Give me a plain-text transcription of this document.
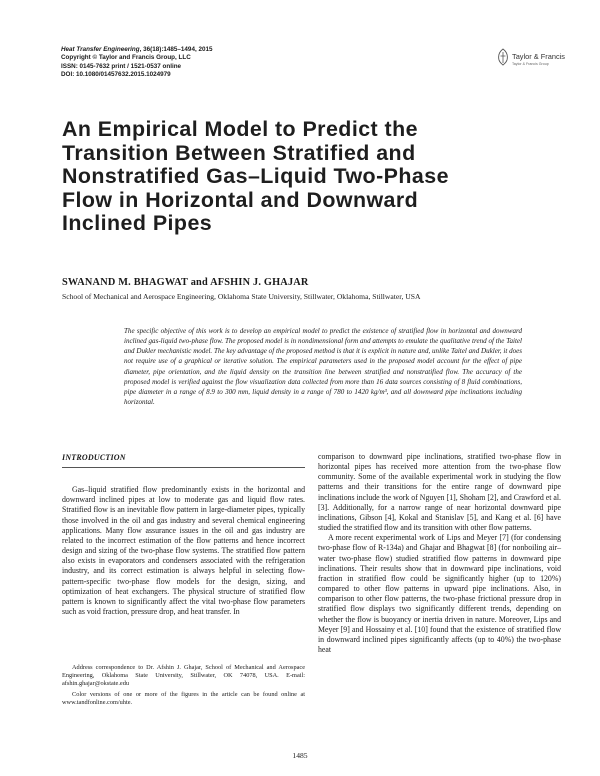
Heat Transfer Engineering, 36(18):1485–1494, 2015
Copyright © Taylor and Francis Group, LLC
ISSN: 0145-7632 print / 1521-0537 online
DOI: 10.1080/01457632.2015.1024979
Taylor & Francis
Taylor & Francis Group
An Empirical Model to Predict the
Transition Between Stratified and
Nonstratified Gas–Liquid Two-Phase
Flow in Horizontal and Downward
Inclined Pipes
SWANAND M. BHAGWAT and AFSHIN J. GHAJAR
School of Mechanical and Aerospace Engineering, Oklahoma State University, Stillwater, Oklahoma, Stillwater, USA
The specific objective of this work is to develop an empirical model to predict the existence of stratified flow in horizontal and downward inclined gas-liquid two-phase flow. The proposed model is in nondimensional form and attempts to emulate the qualitative trend of the Taitel and Dukler mechanistic model. The key advantage of the proposed method is that it is explicit in nature and, unlike Taitel and Dukler, it does not require use of a graphical or iterative solution. The empirical parameters used in the proposed model account for the effect of pipe diameter, pipe orientation, and the liquid density on the transition line between stratified and nonstratified flow. The accuracy of the proposed model is verified against the flow visualization data collected from more than 16 data sources consisting of 8 fluid combinations, pipe diameter in a range of 8.9 to 300 mm, liquid density in a range of 780 to 1420 kg/m³, and all downward pipe inclinations including horizontal.
INTRODUCTION

Gas–liquid stratified flow predominantly exists in the horizontal and downward inclined pipes at low to moderate gas and liquid flow rates. Stratified flow is an inevitable flow pattern in large-diameter pipes, typically those involved in the oil and gas industry and several chemical engineering applications. Many flow assurance issues in the oil and gas industry are related to the incorrect estimation of the flow patterns and hence incorrect design and sizing of the two-phase flow systems. The stratified flow pattern also exists in evaporators and condensers associated with the refrigeration industry, and its correct estimation is always helpful in selecting flow-pattern-specific two-phase flow models for the design, sizing, and optimization of heat exchangers. The physical structure of stratified flow pattern is known to significantly affect the vital two-phase flow parameters such as void fraction, pressure drop, and heat transfer. In

comparison to downward pipe inclinations, stratified two-phase flow in horizontal pipes has received more attention from the two-phase flow community. Some of the available experimental work in studying the flow patterns and their transitions for the entire range of downward pipe inclinations include the work of Nguyen [1], Shoham [2], and Crawford et al. [3]. Additionally, for a narrow range of near horizontal downward pipe inclinations, Gibson [4], Kokal and Stanislav [5], and Kang et al. [6] have studied the stratified flow and its transition with other flow patterns.

A more recent experimental work of Lips and Meyer [7] (for condensing two-phase flow of R-134a) and Ghajar and Bhagwat [8] (for nonboiling air–water two-phase flow) studied stratified flow patterns in downward pipe inclinations. Their results show that in downward pipe inclinations, void fraction in stratified flow could be significantly higher (up to 120%) compared to other flow patterns in upward pipe inclinations. Also, in comparison to other flow patterns, the two-phase frictional pressure drop in stratified flow displays two significantly different trends, depending on whether the flow is buoyancy or inertia driven in nature. Moreover, Lips and Meyer [9] and Hossainy et al. [10] found that the existence of stratified flow in downward inclined pipes significantly affects (up to 40%) the two-phase heat

Address correspondence to Dr. Afshin J. Ghajar, School of Mechanical and Aerospace Engineering, Oklahoma State University, Stillwater, OK 74078, USA. E-mail: afshin.ghajar@okstate.edu

Color versions of one or more of the figures in the article can be found online at www.tandfonline.com/uhte.

1485
